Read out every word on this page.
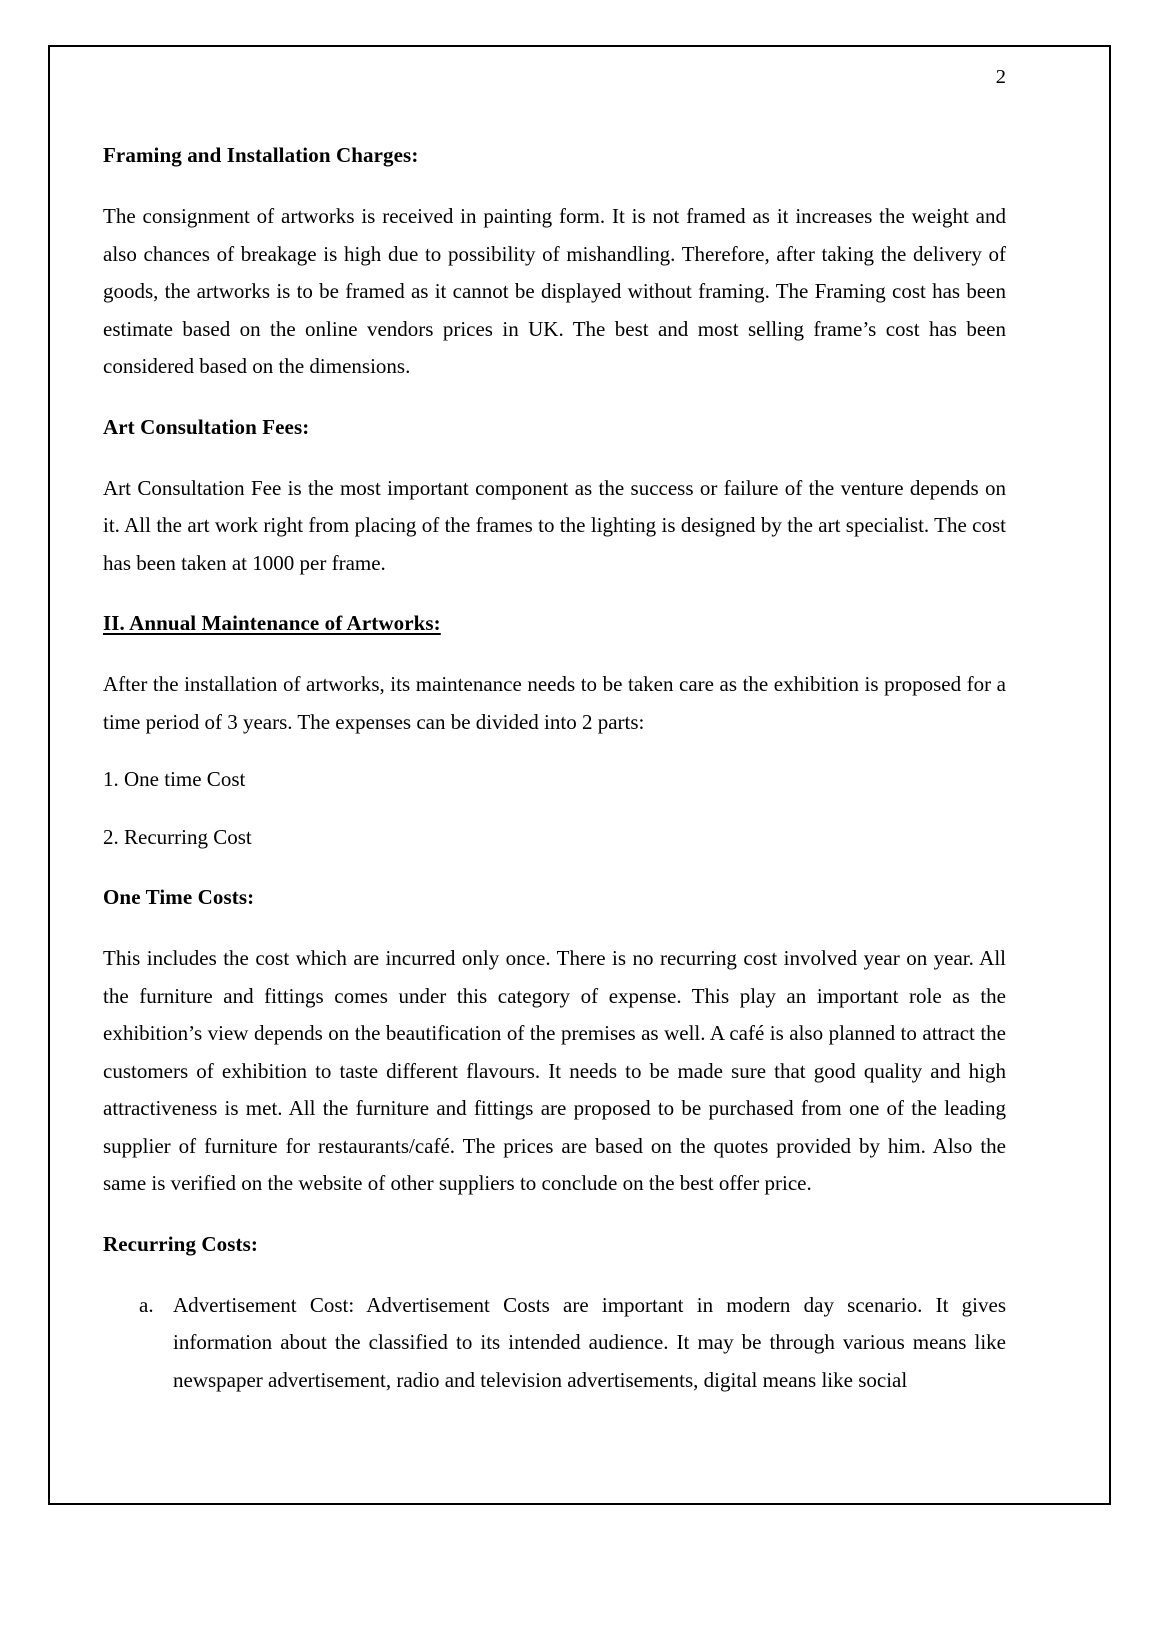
2
Framing and Installation Charges:

The consignment of artworks is received in painting form. It is not framed as it increases the weight and also chances of breakage is high due to possibility of mishandling. Therefore, after taking the delivery of goods, the artworks is to be framed as it cannot be displayed without framing. The Framing cost has been estimate based on the online vendors prices in UK. The best and most selling frame’s cost has been considered based on the dimensions.

Art Consultation Fees:

Art Consultation Fee is the most important component as the success or failure of the venture depends on it. All the art work right from placing of the frames to the lighting is designed by the art specialist. The cost has been taken at 1000 per frame.

II. Annual Maintenance of Artworks:

After the installation of artworks, its maintenance needs to be taken care as the exhibition is proposed for a time period of 3 years. The expenses can be divided into 2 parts:

1. One time Cost

2. Recurring Cost

One Time Costs:

This includes the cost which are incurred only once. There is no recurring cost involved year on year. All the furniture and fittings comes under this category of expense. This play an important role as the exhibition’s view depends on the beautification of the premises as well. A café is also planned to attract the customers of exhibition to taste different flavours. It needs to be made sure that good quality and high attractiveness is met. All the furniture and fittings are proposed to be purchased from one of the leading supplier of furniture for restaurants/café. The prices are based on the quotes provided by him. Also the same is verified on the website of other suppliers to conclude on the best offer price.

Recurring Costs:
a. Advertisement Cost: Advertisement Costs are important in modern day scenario. It gives information about the classified to its intended audience. It may be through various means like newspaper advertisement, radio and television advertisements, digital means like social
